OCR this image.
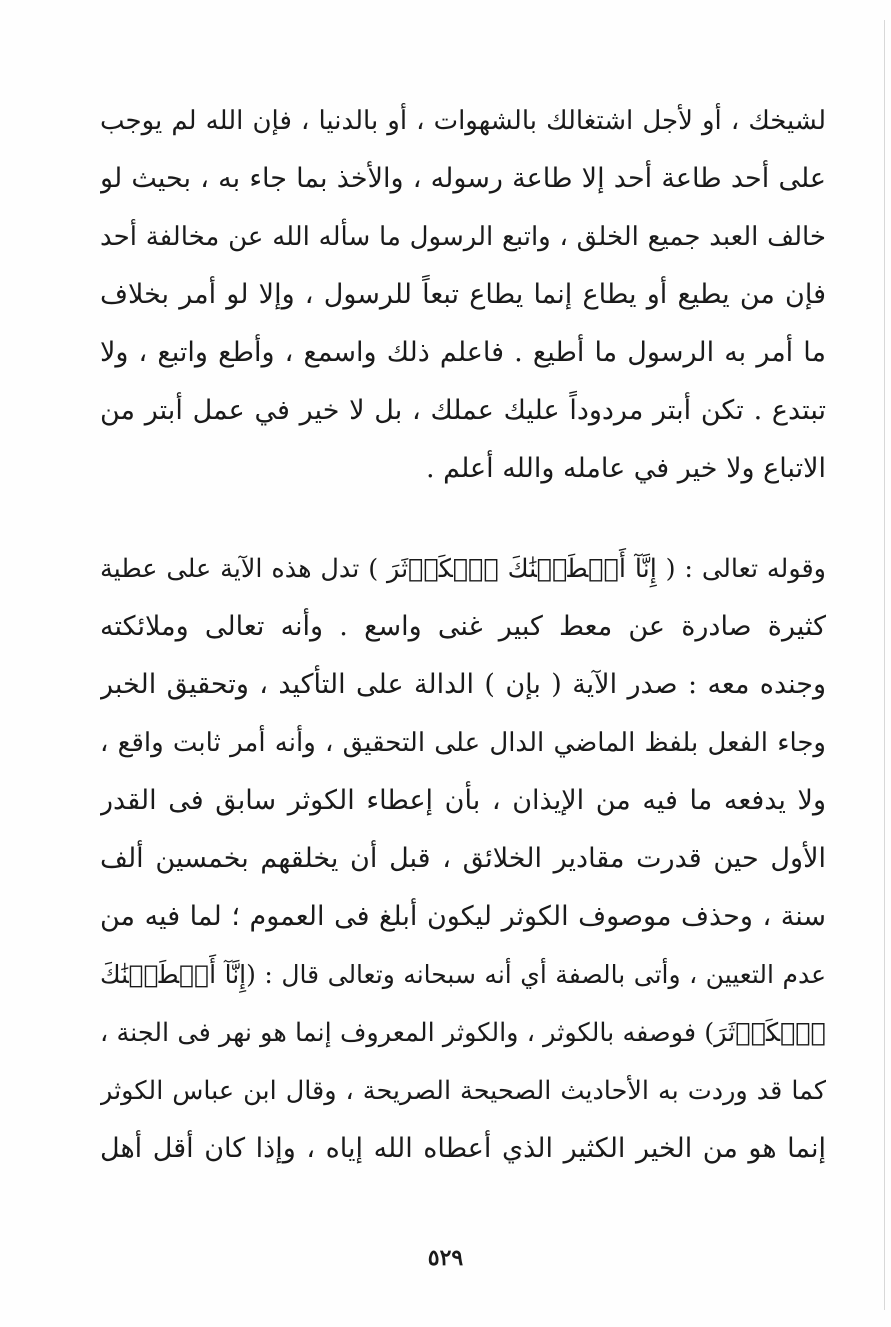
لشيخك ، أو لأجل اشتغالك بالشهوات ، أو بالدنيا ، فإن الله لم يوجب
على أحد طاعة أحد إلا طاعة رسوله ، والأخذ بما جاء به ، بحيث لو
خالف العبد جميع الخلق ، واتبع الرسول ما سأله الله عن مخالفة أحد
فإن من يطيع أو يطاع إنما يطاع تبعاً للرسول ، وإلا لو أمر بخلاف
ما أمر به الرسول ما أطيع . فاعلم ذلك واسمع ، وأطع واتبع ، ولا
تبتدع . تكن أبتر مردوداً عليك عملك ، بل لا خير في عمل أبتر من
الاتباع ولا خير في عامله والله أعلم .
وقوله تعالى : ( إِنَّآ أَعۡطَيۡنَٰكَ ٱلۡكَوۡثَرَ ) تدل هذه الآية على عطية
كثيرة صادرة عن معط كبير غنى واسع . وأنه تعالى وملائكته
وجنده معه : صدر الآية ( بإن ) الدالة على التأكيد ، وتحقيق الخبر
وجاء الفعل بلفظ الماضي الدال على التحقيق ، وأنه أمر ثابت واقع ،
ولا يدفعه ما فيه من الإيذان ، بأن إعطاء الكوثر سابق فى القدر
الأول حين قدرت مقادير الخلائق ، قبل أن يخلقهم بخمسين ألف
سنة ، وحذف موصوف الكوثر ليكون أبلغ فى العموم ؛ لما فيه من
عدم التعيين ، وأتى بالصفة أي أنه سبحانه وتعالى قال : (إِنَّآ أَعۡطَيۡنَٰكَ
ٱلۡكَوۡثَرَ) فوصفه بالكوثر ، والكوثر المعروف إنما هو نهر فى الجنة ،
كما قد وردت به الأحاديث الصحيحة الصريحة ، وقال ابن عباس الكوثر
إنما هو من الخير الكثير الذي أعطاه الله إياه ، وإذا كان أقل أهل
٥٢٩
